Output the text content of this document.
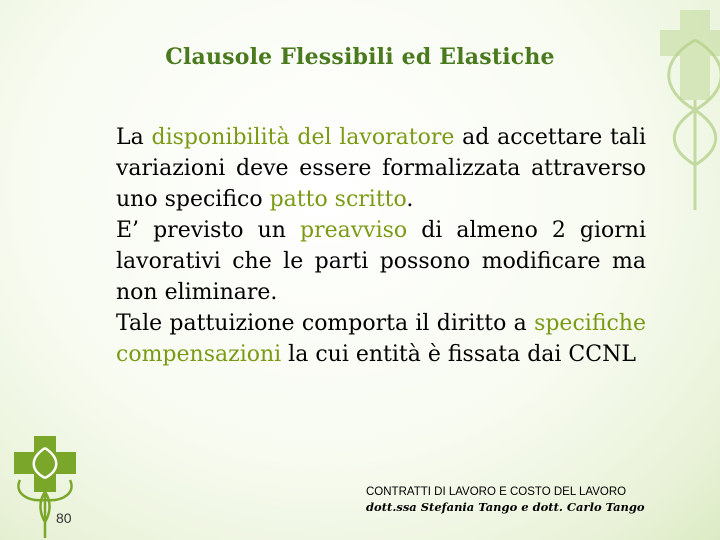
Clausole Flessibili ed Elastiche

La disponibilità del lavoratore ad accettare tali variazioni deve essere formalizzata attraverso uno specifico patto scritto.

E’ previsto un preavviso di almeno 2 giorni lavorativi che le parti possono modificare ma non eliminare.

Tale pattuizione comporta il diritto a specifiche compensazioni la cui entità è fissata dai CCNL

CONTRATTI DI LAVORO E COSTO DEL LAVORO
dott.ssa Stefania Tango e dott. Carlo Tango
80
